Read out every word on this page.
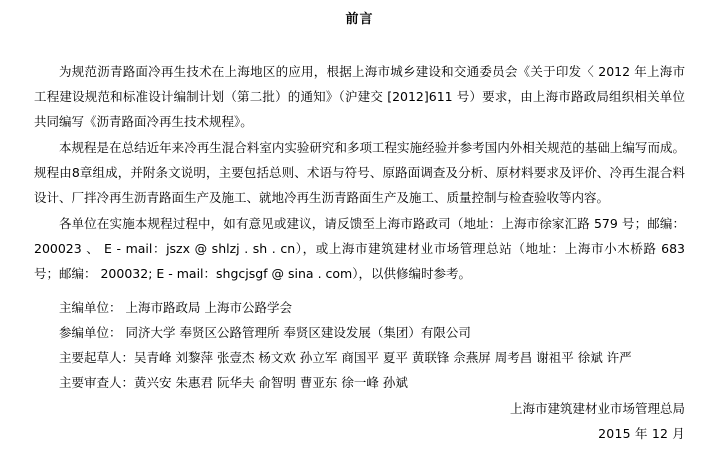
前言

为规范沥青路面冷再生技术在上海地区的应用，根据上海市城乡建设和交通委员会《关于印发〈 2012 年上海市工程建设规范和标准设计编制计划（第二批）的通知》（沪建交 [2012]611 号）要求，由上海市路政局组织相关单位共同编写《沥青路面冷再生技术规程》。

本规程是在总结近年来冷再生混合料室内实验研究和多项工程实施经验并参考国内外相关规范的基础上编写而成。规程由8章组成，并附条文说明，主要包括总则、术语与符号、原路面调查及分析、原材料要求及评价、冷再生混合料设计、厂拌冷再生沥青路面生产及施工、就地冷再生沥青路面生产及施工、质量控制与检查验收等内容。

各单位在实施本规程过程中，如有意见或建议，请反馈至上海市路政司（地址：上海市徐家汇路 579 号；邮编： 200023 、 E - mail：jszx @ shlzj . sh . cn），或上海市建筑建材业市场管理总站（地址：上海市小木桥路 683 号；邮编： 200032; E - mail：shgcjsgf @ sina . com），以供修编时参考。

主编单位： 上海市路政局 上海市公路学会

参编单位： 同济大学 奉贤区公路管理所 奉贤区建设发展（集团）有限公司

主要起草人：吴青峰 刘黎萍 张壹杰 杨文欢 孙立军 商国平 夏平 黄联锋 佘燕屏 周考昌 谢祖平 徐斌 许严

主要审查人：黄兴安 朱惠君 阮华夫 俞智明 曹亚东 徐一峰 孙斌

上海市建筑建材业市场管理总局
2015 年 12 月
